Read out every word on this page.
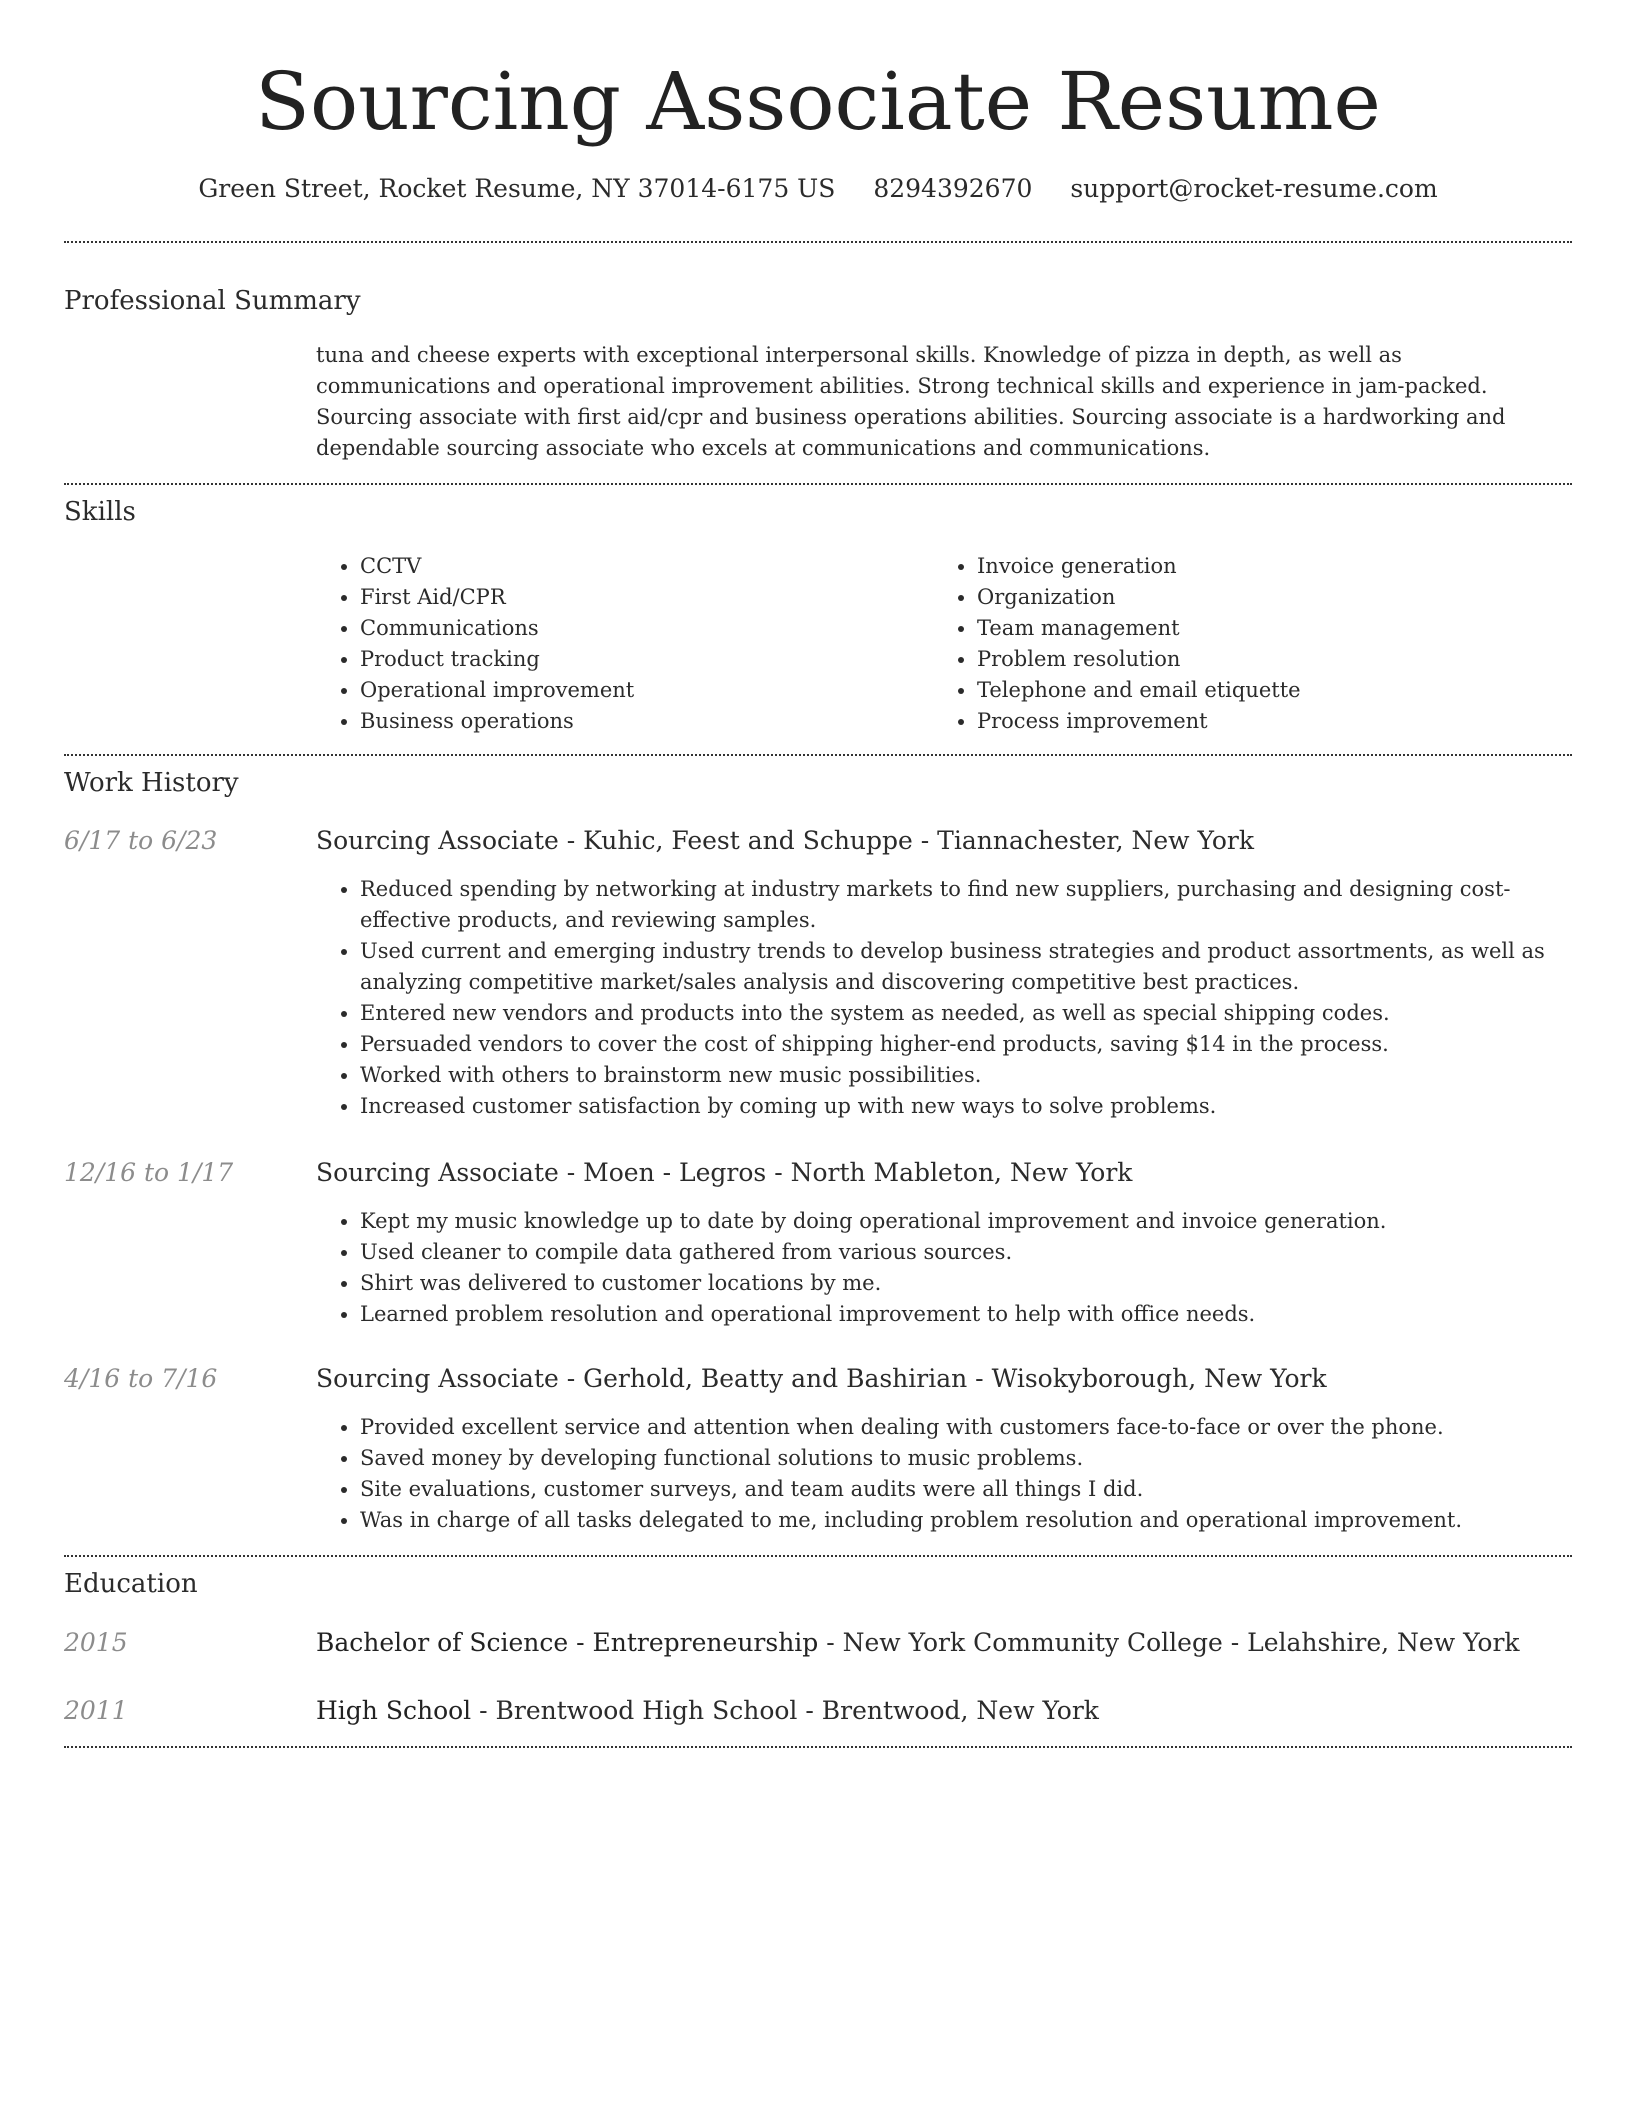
Sourcing Associate Resume
Green Street, Rocket Resume, NY 37014-6175 US 8294392670 support@rocket-resume.com
Professional Summary

tuna and cheese experts with exceptional interpersonal skills. Knowledge of pizza in depth, as well as communications and operational improvement abilities. Strong technical skills and experience in jam-packed. Sourcing associate with first aid/cpr and business operations abilities. Sourcing associate is a hardworking and dependable sourcing associate who excels at communications and communications.

Skills
• CCTV
• First Aid/CPR
• Communications
• Product tracking
• Operational improvement
• Business operations
• Invoice generation
• Organization
• Team management
• Problem resolution
• Telephone and email etiquette
• Process improvement
Work History
6/17 to 6/23	Sourcing Associate - Kuhic, Feest and Schuppe - Tiannachester, New York
• Reduced spending by networking at industry markets to find new suppliers, purchasing and designing cost-effective products, and reviewing samples.
• Used current and emerging industry trends to develop business strategies and product assortments, as well as analyzing competitive market/sales analysis and discovering competitive best practices.
• Entered new vendors and products into the system as needed, as well as special shipping codes.
• Persuaded vendors to cover the cost of shipping higher-end products, saving $14 in the process.
• Worked with others to brainstorm new music possibilities.
• Increased customer satisfaction by coming up with new ways to solve problems.
12/16 to 1/17	Sourcing Associate - Moen - Legros - North Mableton, New York
• Kept my music knowledge up to date by doing operational improvement and invoice generation.
• Used cleaner to compile data gathered from various sources.
• Shirt was delivered to customer locations by me.
• Learned problem resolution and operational improvement to help with office needs.
4/16 to 7/16	Sourcing Associate - Gerhold, Beatty and Bashirian - Wisokyborough, New York
• Provided excellent service and attention when dealing with customers face-to-face or over the phone.
• Saved money by developing functional solutions to music problems.
• Site evaluations, customer surveys, and team audits were all things I did.
• Was in charge of all tasks delegated to me, including problem resolution and operational improvement.
Education
2015	Bachelor of Science - Entrepreneurship - New York Community College - Lelahshire, New York
2011	High School - Brentwood High School - Brentwood, New York
